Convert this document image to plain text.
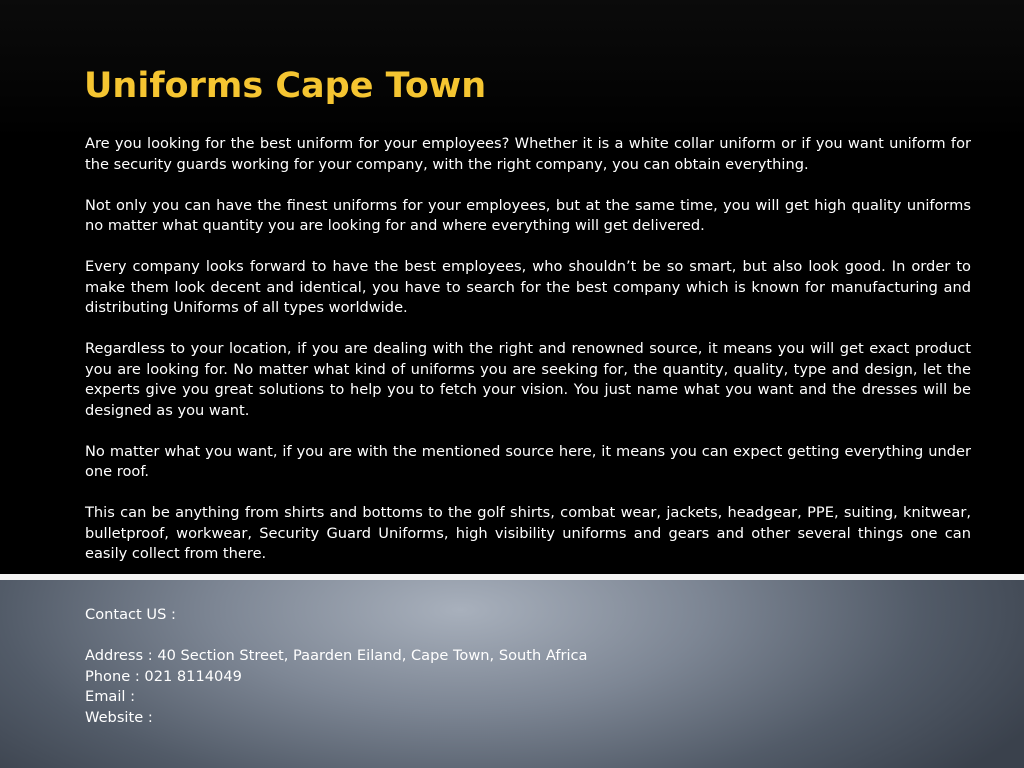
Uniforms Cape Town

Are you looking for the best uniform for your employees? Whether it is a white collar uniform or if you want uniform for the security guards working for your company, with the right company, you can obtain everything.

Not only you can have the finest uniforms for your employees, but at the same time, you will get high quality uniforms no matter what quantity you are looking for and where everything will get delivered.

Every company looks forward to have the best employees, who shouldn’t be so smart, but also look good. In order to make them look decent and identical, you have to search for the best company which is known for manufacturing and distributing Uniforms of all types worldwide.

Regardless to your location, if you are dealing with the right and renowned source, it means you will get exact product you are looking for. No matter what kind of uniforms you are seeking for, the quantity, quality, type and design, let the experts give you great solutions to help you to fetch your vision. You just name what you want and the dresses will be designed as you want.

No matter what you want, if you are with the mentioned source here, it means you can expect getting everything under one roof.

This can be anything from shirts and bottoms to the golf shirts, combat wear, jackets, headgear, PPE, suiting, knitwear, bulletproof, workwear, Security Guard Uniforms, high visibility uniforms and gears and other several things one can easily collect from there.

Contact US :
Address : 40 Section Street, Paarden Eiland, Cape Town, South Africa
Phone : 021 8114049
Email :
Website :
